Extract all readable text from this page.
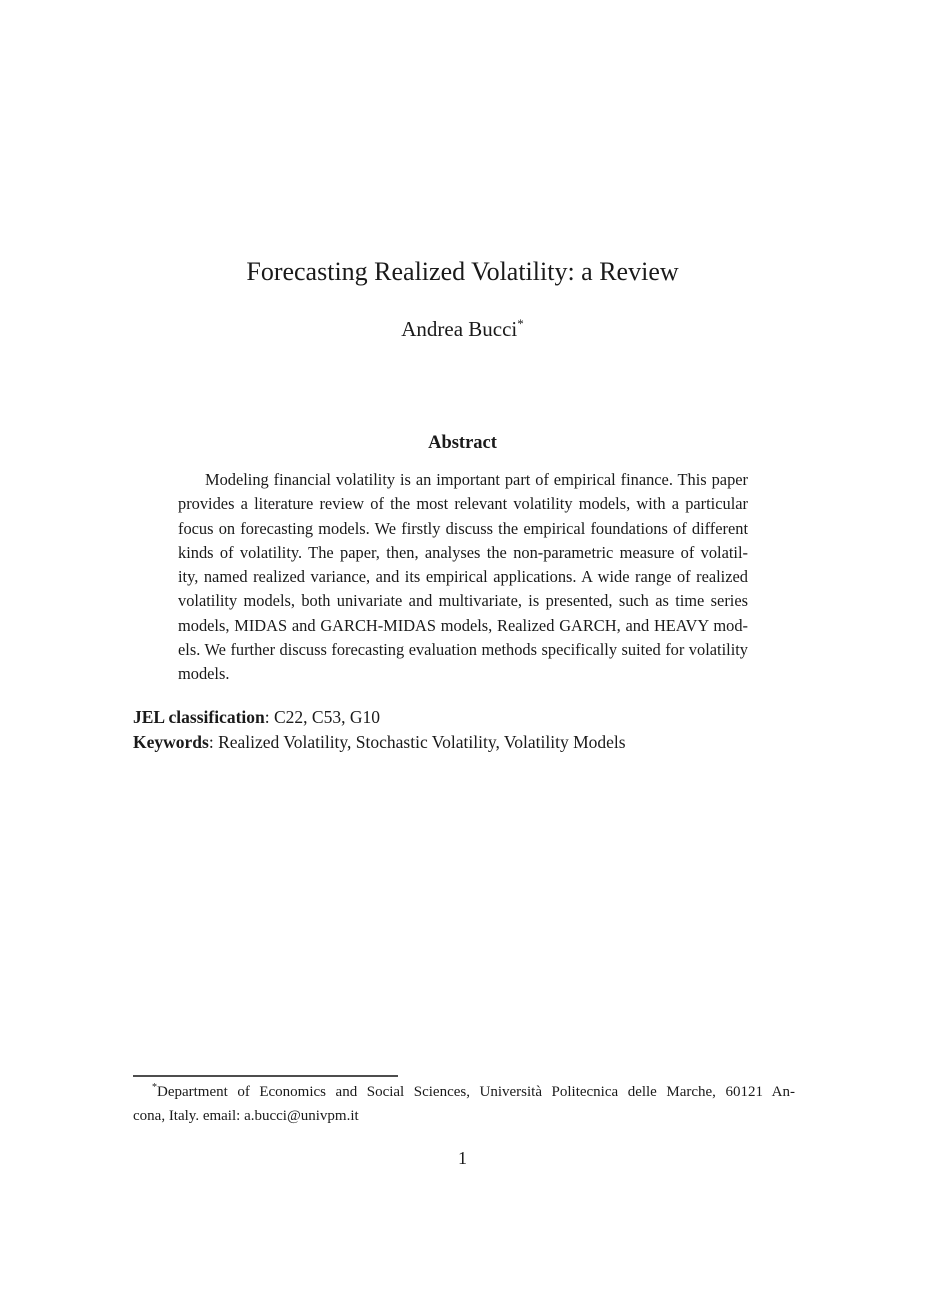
Forecasting Realized Volatility: a Review
Andrea Bucci*
Abstract
Modeling financial volatility is an important part of empirical finance. This paper
provides a literature review of the most relevant volatility models, with a particular
focus on forecasting models. We firstly discuss the empirical foundations of different
kinds of volatility. The paper, then, analyses the non-parametric measure of volatil-
ity, named realized variance, and its empirical applications. A wide range of realized
volatility models, both univariate and multivariate, is presented, such as time series
models, MIDAS and GARCH-MIDAS models, Realized GARCH, and HEAVY mod-
els. We further discuss forecasting evaluation methods specifically suited for volatility
models.
JEL classification: C22, C53, G10
Keywords: Realized Volatility, Stochastic Volatility, Volatility Models
*Department of Economics and Social Sciences, Università Politecnica delle Marche, 60121 An-
cona, Italy. email: a.bucci@univpm.it
1
